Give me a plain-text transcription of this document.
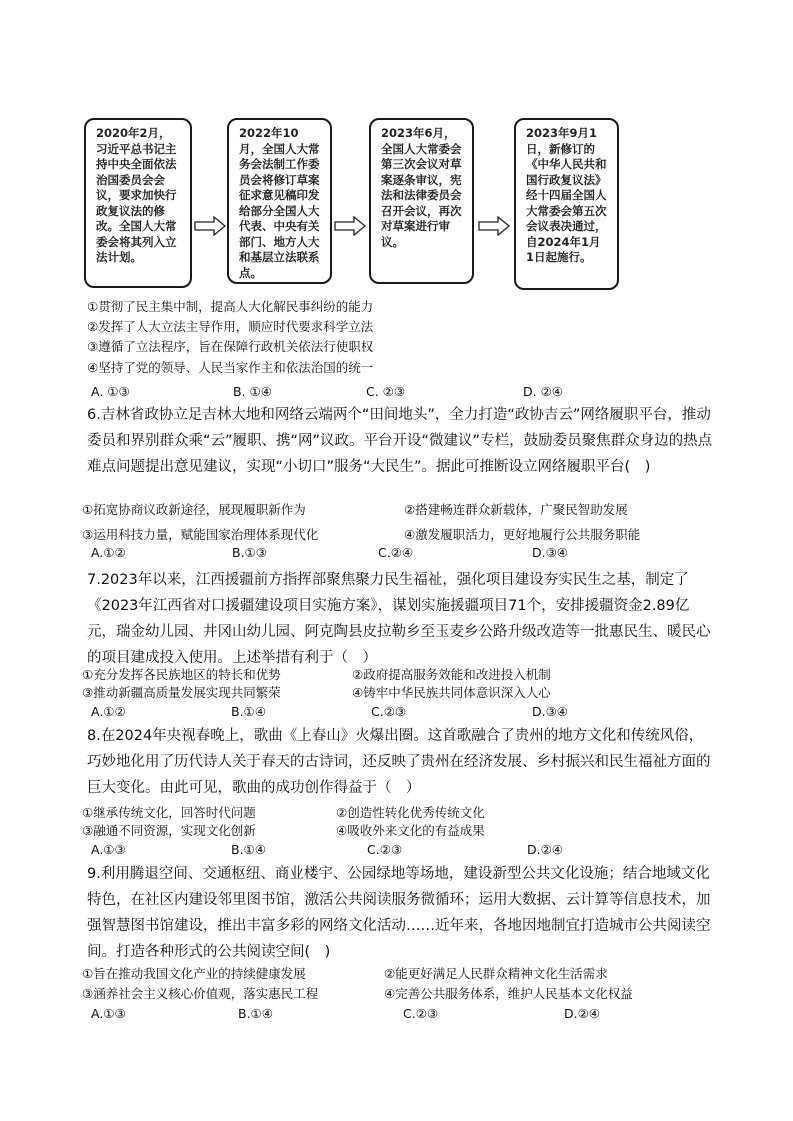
2020年2月，习近平总书记主持中央全面依法治国委员会会议，要求加快行政复议法的修改。全国人大常委会将其列入立法计划。
2022年10月，全国人大常务会法制工作委员会将修订草案征求意见稿印发给部分全国人大代表、中央有关部门、地方人大和基层立法联系点。
2023年6月，全国人大常委会第三次会议对草案逐条审议，宪法和法律委员会召开会议，再次对草案进行审议。
2023年9月1日，新修订的《中华人民共和国行政复议法》经十四届全国人大常委会第五次会议表决通过，自2024年1月1日起施行。
①贯彻了民主集中制，提高人大化解民事纠纷的能力
②发挥了人大立法主导作用，顺应时代要求科学立法
③遵循了立法程序，旨在保障行政机关依法行使职权
④坚持了党的领导、人民当家作主和依法治国的统一
A. ①③	B. ①④	C. ②③	D. ②④
6.吉林省政协立足吉林大地和网络云端两个“田间地头”，全力打造“政协吉云”网络履职平台，推动委员和界别群众乘“云”履职、携“网”议政。平台开设“微建议”专栏，鼓励委员聚焦群众身边的热点难点问题提出意见建议，实现“小切口”服务“大民生”。据此可推断设立网络履职平台(　)
①拓宽协商议政新途径，展现履职新作为	②搭建畅连群众新载体，广聚民智助发展
③运用科技力量，赋能国家治理体系现代化	④激发履职活力，更好地履行公共服务职能
A.①②	B.①③	C.②④	D.③④
7.2023年以来，江西援疆前方指挥部聚焦聚力民生福祉，强化项目建设夯实民生之基，制定了《2023年江西省对口援疆建设项目实施方案》，谋划实施援疆项目71个，安排援疆资金2.89亿元，瑞金幼儿园、井冈山幼儿园、阿克陶县皮拉勒乡至玉麦乡公路升级改造等一批惠民生、暖民心的项目建成投入使用。上述举措有利于（　）
①充分发挥各民族地区的特长和优势	②政府提高服务效能和改进投入机制
③推动新疆高质量发展实现共同繁荣	④铸牢中华民族共同体意识深入人心
A.①②	B.①④	C.②③	D.③④
8.在2024年央视春晚上，歌曲《上春山》火爆出圈。这首歌融合了贵州的地方文化和传统风俗，巧妙地化用了历代诗人关于春天的古诗词，还反映了贵州在经济发展、乡村振兴和民生福祉方面的巨大变化。由此可见，歌曲的成功创作得益于（　）
①继承传统文化，回答时代问题	②创造性转化优秀传统文化
③融通不同资源，实现文化创新	④吸收外来文化的有益成果
A.①③	B.①④	C.②③	D.②④
9.利用腾退空间、交通枢纽、商业楼宇、公园绿地等场地，建设新型公共文化设施；结合地域文化特色，在社区内建设邻里图书馆，激活公共阅读服务微循环；运用大数据、云计算等信息技术，加强智慧图书馆建设，推出丰富多彩的网络文化活动……近年来，各地因地制宜打造城市公共阅读空间。打造各种形式的公共阅读空间(　)
①旨在推动我国文化产业的持续健康发展	②能更好满足人民群众精神文化生活需求
③涵养社会主义核心价值观，落实惠民工程	④完善公共服务体系，维护人民基本文化权益
A.①③	B.①④	C.②③	D.②④
